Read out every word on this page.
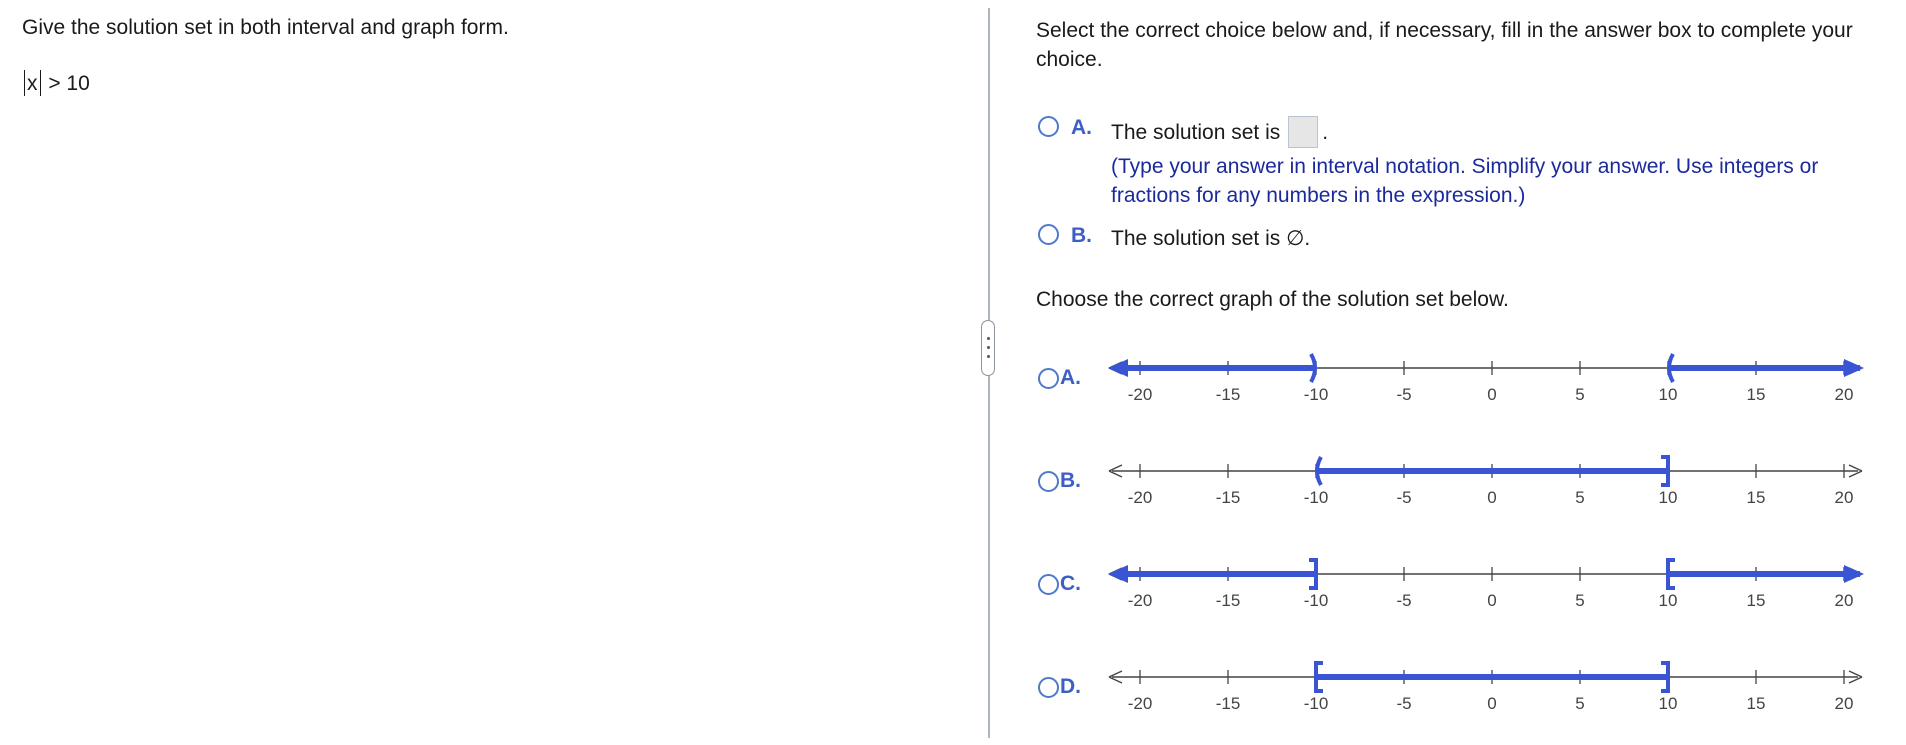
Give the solution set in both interval and graph form.
x > 10
Select the correct choice below and, if necessary, fill in the answer box to complete your choice.
A. The solution set is .
(Type your answer in interval notation. Simplify your answer. Use integers or fractions for any numbers in the expression.)
B. The solution set is ∅.
Choose the correct graph of the solution set below.
A.
-20	-15	-10	-5	0	5	10	15	20
B.
-20	-15	-10	-5	0	5	10	15	20
C.
-20	-15	-10	-5	0	5	10	15	20
D.
-20	-15	-10	-5	0	5	10	15	20
